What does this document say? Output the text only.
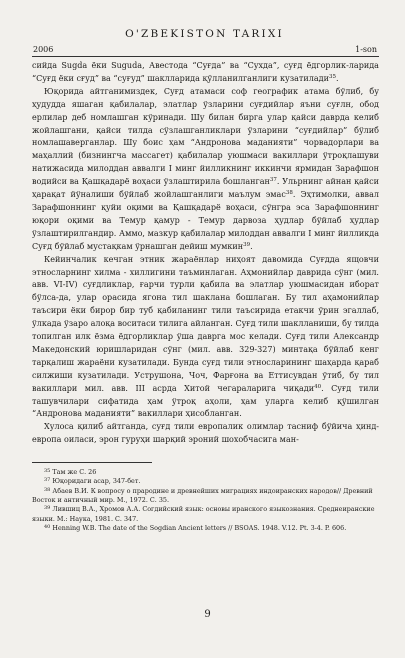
O'ZBEKISTON TARIXI
2006	1-son

сийда Sugda ёки Suguda, Авестода “Суғда” ва “Сухда”, суғд ёдгорлик-ларида “Суғд ёки сғуд” ва “суғуд” шаклларида қўлланилганлиги кузатилади$^{35}$.

Юқорида айтганимиздек, Суғд атамаси соф географик атама бўлиб, бу ҳудудда яшаган қабилалар, элатлар ўзларини суғдийлар яъни суғлн, обод ерлилар деб номлашган кўринади. Шу билан бирга улар қайси даврда келиб жойлашгани, қайси тилда сўзлашганликлари ўзларини “суғдийлар” бўлиб номлашаверганлар. Шу боис ҳам “Андронова маданияти” чорвадорлари ва маҳаллий (бизнингча массагет) қабилалар уюшмаси вакиллари ўтроқлашуви натижасида милоддан аввалги I минг йилликнинг иккинчи ярмидан Зарафшон водийси ва Қашқадарё воҳаси ўзлаштирила бошланган$^{37}$. Ульрнинг айнан қайси ҳарақат йўналиши бўйлаб жойлашганлиги маълум эмас$^{38}$. Эҳтимолки, аввал Зарафшоннинг қуйи оқими ва Қашқадарё воҳаси, сўнгра эса Зарафшоннинг юқори оқими ва Темур қамур - Темур дарвоза ҳудлар бўйлаб ҳудлар ўзлаштирилгандир. Аммо, мазкур қабилалар милоддан аввалги I минг йилликда Суғд бўйлаб мустақкам ўрнашган дейиш мумкин$^{39}$.

Кейинчалик кечган этник жараёнлар ниҳоят давомида Суғдда ящовчи этносларнинг хилма - хиллигини таъминлаган. Аҳмонийлар даврида сўнг (мил. авв. VI-IV) суғдликлар, ғарчи турли қабила ва элатлар уюшмасидан иборат бўлса-да, улар орасида ягона тил шаклана бошлаган. Бу тил аҳамонийлар таъсири ёки бирор бир туб қабиланинг тили таъсирида етакчи ўрин эгаллаб, ўлкада ўзаро алоқа воситаси тилига айланган. Суғд тили шаклланиши, бу тилда топилган илк ёзма ёдгорликлар ўша даврга мос келади. Суғд тили Александр Македонский юришларидан сўнг (мил. авв. 329-327) минтақа бўйлаб кенг тарқалиш жараёни кузатилади. Бунда суғд тили этносларининг шаҳарда қараб силжиши кузатилади. Уструшона, Чоч, Фарғона ва Еттисувдан ўтиб, бу тил вакиллари мил. авв. III асрда Хитой чегараларига чиқади$^{40}$. Суғд тили ташувчилари сифатида ҳам ўтроқ аҳоли, ҳам уларга келиб қўшилган “Андронова маданияти” вакиллари ҳисобланган.

Хулоса қилиб айтганда, суғд тили европалик олимлар тасниф бўйича ҳинд-европа оиласи, эрон гуруҳи шарқий эроний шохобчасига ман-

$^{35}$ Там же С. 26

$^{37}$ Юқоридаги асар, 347-бет.

$^{38}$ Абаев В.И. К вопросу о прародине и древнейших миграциях индоиранских народов// Древний Восток и античный мир. М., 1972. С. 35.

$^{39}$ Лившиц В.А., Хромов А.А. Согдийский язык: основы иранского языкознания. Среднеиранские языки. М.: Наука, 1981. С. 347.

$^{40}$ Henning W.B. The date of the Sogdian Ancient letters // BSOAS. 1948. V.12. Pt. 3-4. P. 606.

9
